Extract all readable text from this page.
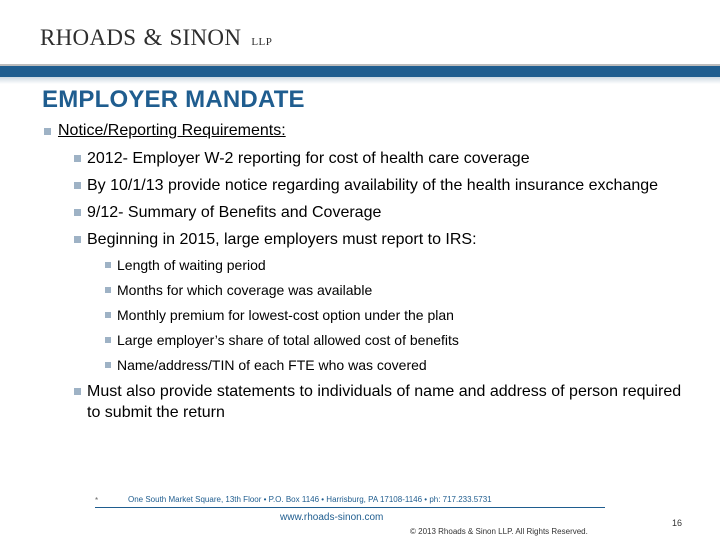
RHOADS & SINON LLP
EMPLOYER MANDATE
Notice/Reporting Requirements:
2012- Employer W-2 reporting for cost of health care coverage
By 10/1/13 provide notice regarding availability of the health insurance exchange
9/12- Summary of Benefits and Coverage
Beginning in 2015, large employers must report to IRS:
Length of waiting period
Months for which coverage was available
Monthly premium for lowest-cost option under the plan
Large employer’s share of total allowed cost of benefits
Name/address/TIN of each FTE who was covered
Must also provide statements to individuals of name and address of person required to submit the return
*	One South Market Square, 13th Floor • P.O. Box 1146 • Harrisburg, PA 17108-1146 • ph: 717.233.5731
www.rhoads-sinon.com
© 2013 Rhoads & Sinon LLP. All Rights Reserved.
16
